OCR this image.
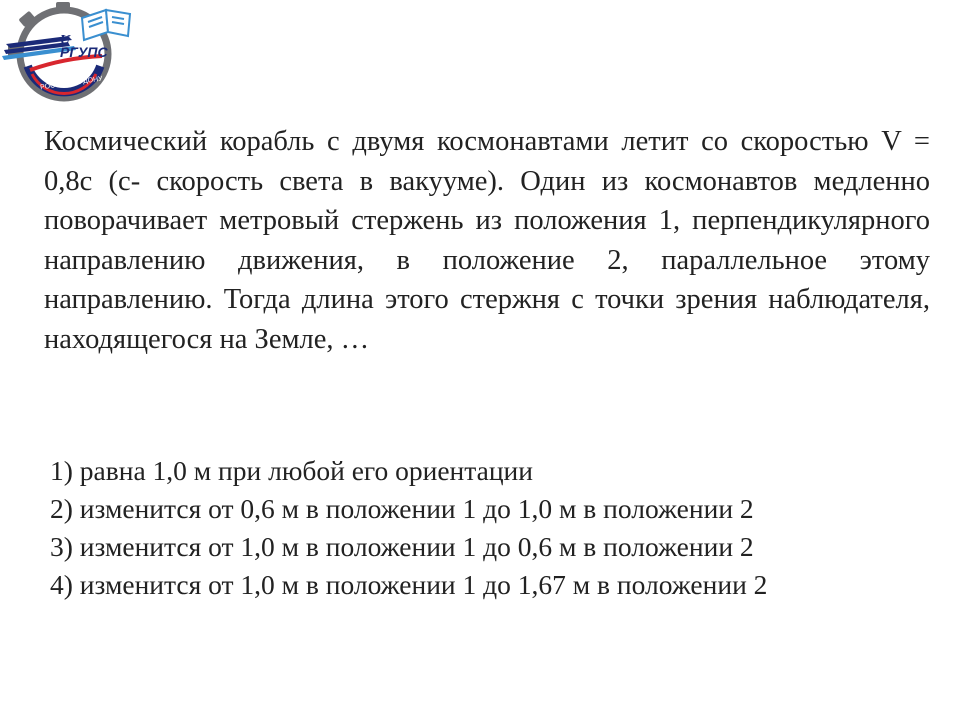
U
РГУПС
РОСТОВ-НА-ДОНУ

Космический корабль с двумя космонавтами летит со скоростью V = 0,8с (с- скорость света в вакууме). Один из космонавтов медленно поворачивает метровый стержень из положения 1, перпендикулярного направлению движения, в положение 2, параллельное этому направлению. Тогда длина этого стержня с точки зрения наблюдателя, находящегося на Земле, …

1) равна 1,0 м при любой его ориентации
2) изменится от 0,6 м в положении 1 до 1,0 м в положении 2
3) изменится от 1,0 м в положении 1 до 0,6 м в положении 2
4) изменится от 1,0 м в положении 1 до 1,67 м в положении 2
